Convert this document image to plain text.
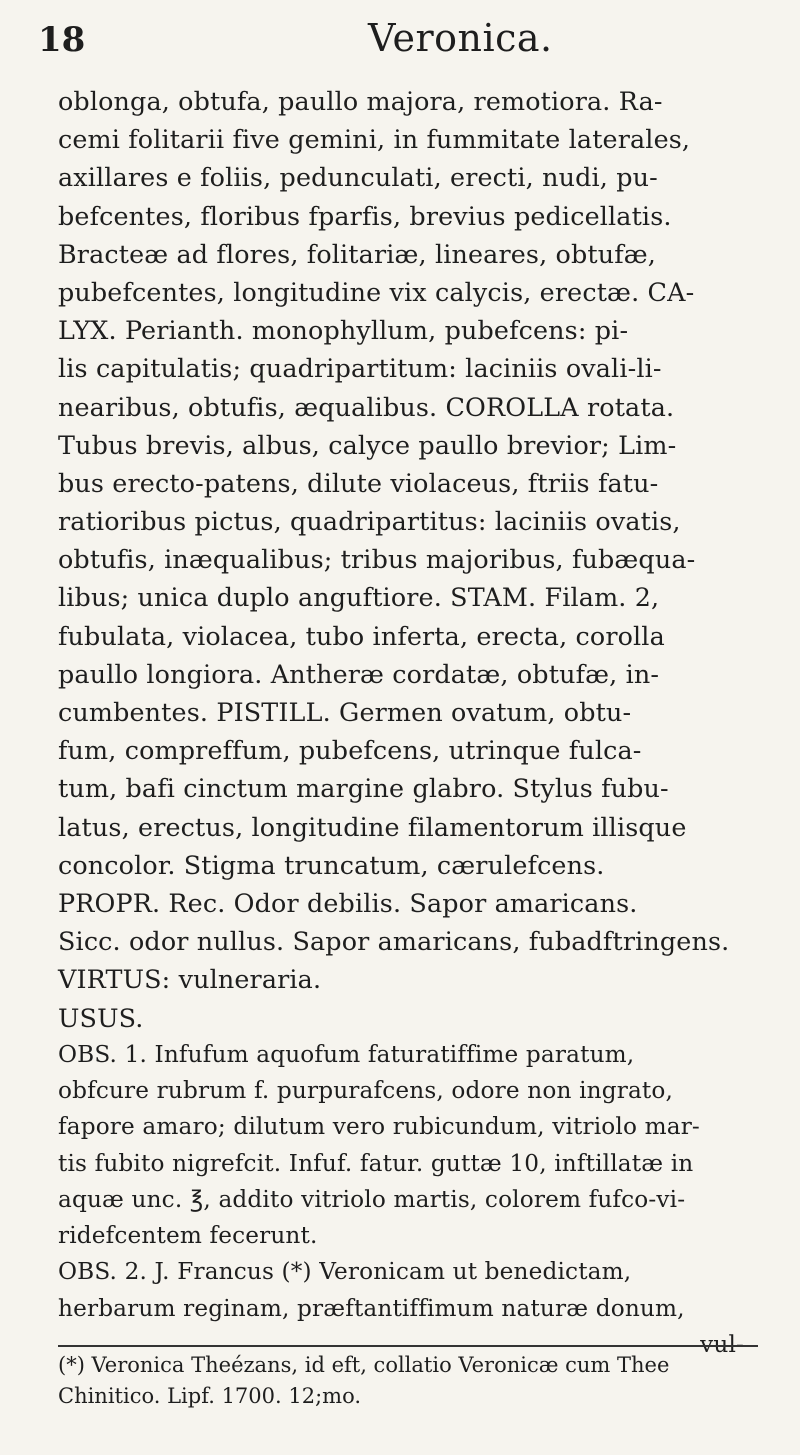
18	Veronica.
oblonga, obtufa, paullo majora, remotiora. Ra-
cemi folitarii five gemini, in fummitate laterales,
axillares e foliis, pedunculati, erecti, nudi, pu-
befcentes, floribus fparfis, brevius pedicellatis.
Bracteæ ad flores, folitariæ, lineares, obtufæ,
pubefcentes, longitudine vix calycis, erectæ. CA-
LYX. Perianth. monophyllum, pubefcens: pi-
lis capitulatis; quadripartitum: laciniis ovali-li-
nearibus, obtufis, æqualibus. COROLLA rotata.
Tubus brevis, albus, calyce paullo brevior; Lim-
bus erecto-patens, dilute violaceus, ftriis fatu-
ratioribus pictus, quadripartitus: laciniis ovatis,
obtufis, inæqualibus; tribus majoribus, fubæqua-
libus; unica duplo anguftiore. STAM. Filam. 2,
fubulata, violacea, tubo inferta, erecta, corolla
paullo longiora. Antheræ cordatæ, obtufæ, in-
cumbentes. PISTILL. Germen ovatum, obtu-
fum, compreffum, pubefcens, utrinque fulca-
tum, bafi cinctum margine glabro. Stylus fubu-
latus, erectus, longitudine filamentorum illisque
concolor. Stigma truncatum, cærulefcens.
PROPR. Rec. Odor debilis. Sapor amaricans.
Sicc. odor nullus. Sapor amaricans, fubadftringens.
VIRTUS: vulneraria.
USUS.
OBS. 1. Infufum aquofum faturatiffime paratum,
obfcure rubrum f. purpurafcens, odore non ingrato,
fapore amaro; dilutum vero rubicundum, vitriolo mar-
tis fubito nigrefcit. Infuf. fatur. guttæ 10, inftillatæ in
aquæ unc. ℥, addito vitriolo martis, colorem fufco-vi-
ridefcentem fecerunt.
OBS. 2. J. Francus (*) Veronicam ut benedictam,
herbarum reginam, præftantiffimum naturæ donum,
vul-
(*) Veronica Theézans, id eft, collatio Veronicæ cum Thee
Chinitico. Lipf. 1700. 12;mo.
